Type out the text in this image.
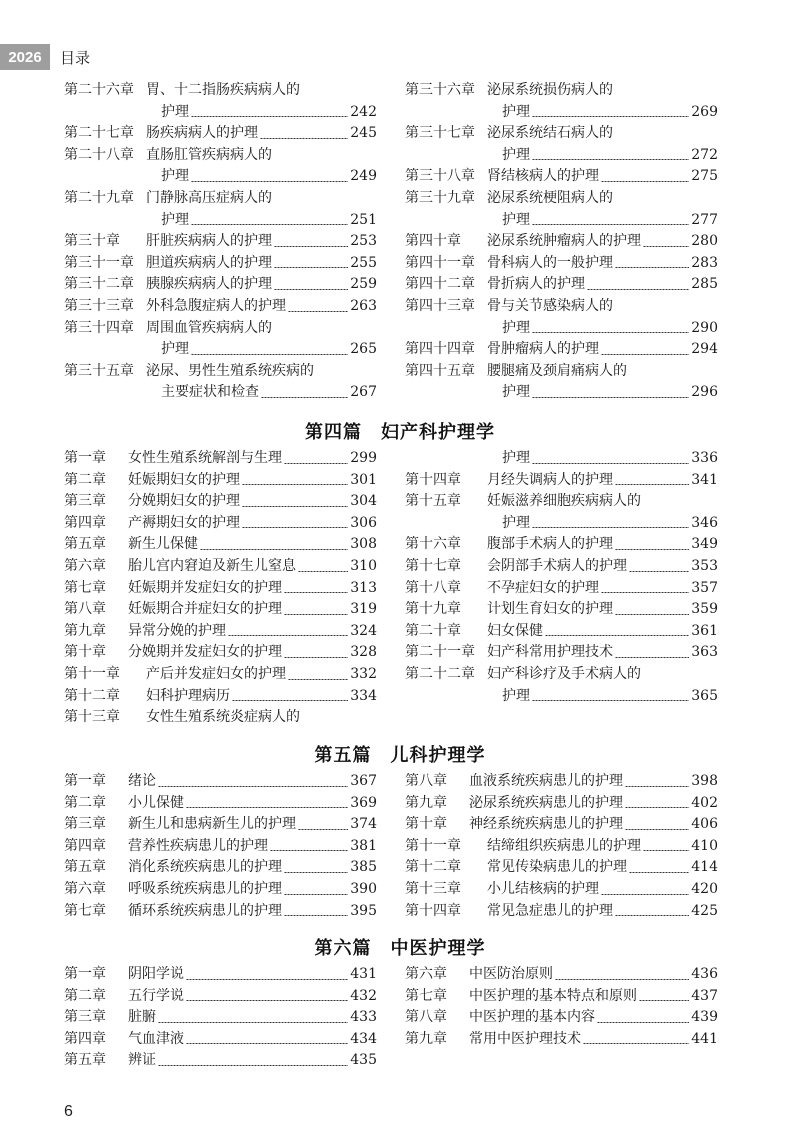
2026	目录
第二十六章 胃、十二指肠疾病病人的
护理	242
第二十七章 肠疾病病人的护理	245
第二十八章 直肠肛管疾病病人的
护理	249
第二十九章 门静脉高压症病人的
护理	251
第三十章 肝脏疾病病人的护理	253
第三十一章 胆道疾病病人的护理	255
第三十二章 胰腺疾病病人的护理	259
第三十三章 外科急腹症病人的护理	263
第三十四章 周围血管疾病病人的
护理	265
第三十五章 泌尿、男性生殖系统疾病的
主要症状和检查	267
第三十六章 泌尿系统损伤病人的
护理	269
第三十七章 泌尿系统结石病人的
护理	272
第三十八章 肾结核病人的护理	275
第三十九章 泌尿系统梗阻病人的
护理	277
第四十章 泌尿系统肿瘤病人的护理	280
第四十一章 骨科病人的一般护理	283
第四十二章 骨折病人的护理	285
第四十三章 骨与关节感染病人的
护理	290
第四十四章 骨肿瘤病人的护理	294
第四十五章 腰腿痛及颈肩痛病人的
护理	296
第四篇　妇产科护理学
第一章 女性生殖系统解剖与生理	299
第二章 妊娠期妇女的护理	301
第三章 分娩期妇女的护理	304
第四章 产褥期妇女的护理	306
第五章 新生儿保健	308
第六章 胎儿宫内窘迫及新生儿窒息	310
第七章 妊娠期并发症妇女的护理	313
第八章 妊娠期合并症妇女的护理	319
第九章 异常分娩的护理	324
第十章 分娩期并发症妇女的护理	328
第十一章 产后并发症妇女的护理	332
第十二章 妇科护理病历	334
第十三章 女性生殖系统炎症病人的
护理	336
第十四章 月经失调病人的护理	341
第十五章 妊娠滋养细胞疾病病人的
护理	346
第十六章 腹部手术病人的护理	349
第十七章 会阴部手术病人的护理	353
第十八章 不孕症妇女的护理	357
第十九章 计划生育妇女的护理	359
第二十章 妇女保健	361
第二十一章 妇产科常用护理技术	363
第二十二章 妇产科诊疗及手术病人的
护理	365
第五篇　儿科护理学
第一章 绪论	367
第二章 小儿保健	369
第三章 新生儿和患病新生儿的护理	374
第四章 营养性疾病患儿的护理	381
第五章 消化系统疾病患儿的护理	385
第六章 呼吸系统疾病患儿的护理	390
第七章 循环系统疾病患儿的护理	395
第八章 血液系统疾病患儿的护理	398
第九章 泌尿系统疾病患儿的护理	402
第十章 神经系统疾病患儿的护理	406
第十一章 结缔组织疾病患儿的护理	410
第十二章 常见传染病患儿的护理	414
第十三章 小儿结核病的护理	420
第十四章 常见急症患儿的护理	425
第六篇　中医护理学
第一章 阴阳学说	431
第二章 五行学说	432
第三章 脏腑	433
第四章 气血津液	434
第五章 辨证	435
第六章 中医防治原则	436
第七章 中医护理的基本特点和原则	437
第八章 中医护理的基本内容	439
第九章 常用中医护理技术	441
6
